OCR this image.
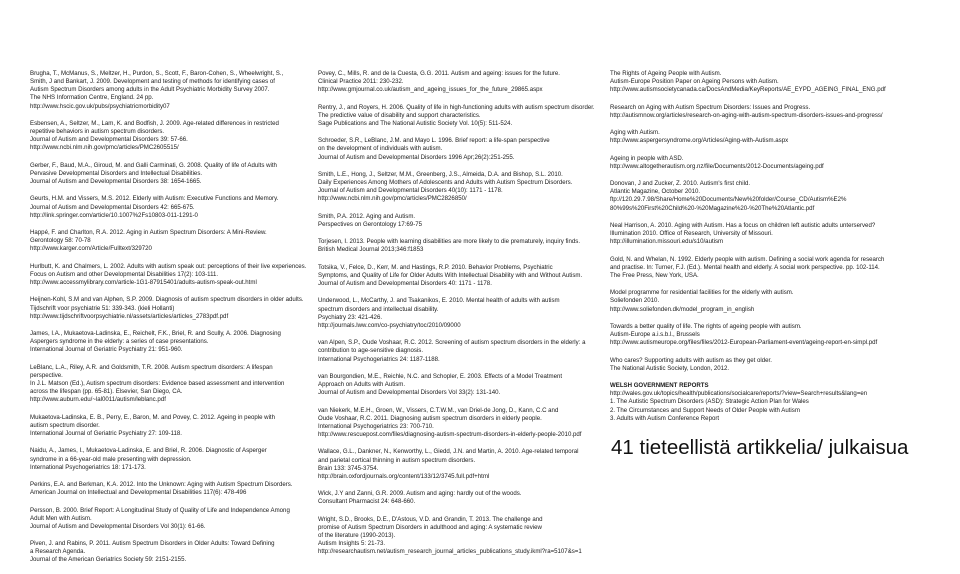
Brugha, T., McManus, S., Meltzer, H., Purdon, S., Scott, F., Baron-Cohen, S., Wheelwright, S.,
Smith, J and Bankart, J. 2009. Development and testing of methods for identifying cases of
Autism Spectrum Disorders among adults in the Adult Psychiatric Morbidity Survey 2007.
The NHS Information Centre, England. 24 pp.
http://www.hscic.gov.uk/pubs/psychiatricmorbidity07
Esbensen, A., Seltzer, M., Lam, K. and Bodfish, J. 2009. Age-related differences in restricted
repetitive behaviors in autism spectrum disorders.
Journal of Autism and Developmental Disorders 39: 57-66.
http://www.ncbi.nlm.nih.gov/pmc/articles/PMC2605515/
Gerber, F., Baud, M.A., Giroud, M. and Galli Carminati, G. 2008. Quality of life of Adults with
Pervasive Developmental Disorders and Intellectual Disabilities.
Journal of Autism and Developmental Disorders 38: 1654-1665.
Geurts, H.M. and Vissers, M.S. 2012. Elderly with Autism: Executive Functions and Memory.
Journal of Autism and Developmental Disorders 42: 665-675.
http://link.springer.com/article/10.1007%2Fs10803-011-1291-0
Happé, F. and Charlton, R.A. 2012. Aging in Autism Spectrum Disorders: A Mini-Review.
Gerontology 58: 70-78
http://www.karger.com/Article/Fulltext/329720
Hurlbutt, K. and Chalmers, L. 2002. Adults with autism speak out: perceptions of their live experiences.
Focus on Autism and other Developmental Disabilities 17(2): 103-111.
http://www.accessmylibrary.com/article-1G1-87915401/adults-autism-speak-out.html
Heijnen-Kohl, S.M and van Alphen, S.P. 2009. Diagnosis of autism spectrum disorders in older adults.
Tijdschrift voor psychiatrie 51: 339-343. (kieli Hollanti)
http://www.tijdschriftvoorpsychiatrie.nl/assets/articles/articles_2783pdf.pdf
James, I.A., Mukaetova-Ladinska, E., Reichelt, F.K., Briel, R. and Scully, A. 2006. Diagnosing
Aspergers syndrome in the elderly: a series of case presentations.
International Journal of Geriatric Psychiatry 21: 951-960.
LeBlanc, L.A., Riley, A.R. and Goldsmith, T.R. 2008. Autism spectrum disorders: A lifespan
perspective.
In J.L. Matson (Ed.), Autism spectrum disorders: Evidence based assessment and intervention
across the lifespan (pp. 65-81). Elsevier, San Diego, CA.
http://www.auburn.edu/~lal0011/autism/leblanc.pdf
Mukaetova-Ladinska, E. B., Perry, E., Baron, M. and Povey, C. 2012. Ageing in people with
autism spectrum disorder.
International Journal of Geriatric Psychiatry 27: 109-118.
Naidu, A., James, I., Mukaetova-Ladinska, E. and Briel, R. 2006. Diagnostic of Asperger
syndrome in a 66-year-old male presenting with depression.
International Psychogeriatrics 18: 171-173.
Perkins, E.A. and Berkman, K.A. 2012. Into the Unknown: Aging with Autism Spectrum Disorders.
American Journal on Intellectual and Developmental Disabilities 117(6): 478-496
Persson, B. 2000. Brief Report: A Longitudinal Study of Quality of Life and Independence Among
Adult Men with Autism.
Journal of Autism and Developmental Disorders Vol 30(1): 61-66.
Piven, J. and Rabins, P. 2011. Autism Spectrum Disorders in Older Adults: Toward Defining
a Research Agenda.
Journal of the American Geriatrics Society 59: 2151-2155.
Povey, C., Mills, R. and de la Cuesta, G.G. 2011. Autism and ageing: issues for the future.
Clinical Practice 2011: 230-232.
http://www.gmjournal.co.uk/autism_and_ageing_issues_for_the_future_29865.aspx
Rentry, J., and Royers, H. 2006. Quality of life in high-functioning adults with autism spectrum disorder.
The predictive value of disability and support characteristics.
Sage Publications and The National Autistic Society Vol. 10(5): 511-524.
Schroeder, S.R., LeBlanc, J.M. and Mayo L. 1996. Brief report: a life-span perspective
on the development of individuals with autism.
Journal of Autism and Developmental Disorders 1996 Apr;26(2):251-255.
Smith, L.E., Hong, J., Seltzer, M.M., Greenberg, J.S., Almeida, D.A. and Bishop, S.L. 2010.
Daily Experiences Among Mothers of Adolescents and Adults with Autism Spectrum Disorders.
Journal of Autism and Developmental Disorders 40(10): 1171 - 1178.
http://www.ncbi.nlm.nih.gov/pmc/articles/PMC2826850/
Smith, P.A. 2012. Aging and Autism.
Perspectives on Gerontology 17:69-75
Torjesen, I. 2013. People with learning disabilities are more likely to die prematurely, inquiry finds.
British Medical Journal 2013;346:f1853
Totsika, V., Felce, D., Kerr, M. and Hastings, R.P. 2010. Behavior Problems, Psychiatric
Symptoms, and Quality of Life for Older Adults With Intellectual Disability with and Without Autism.
Journal of Autism and Developmental Disorders 40: 1171 - 1178.
Underwood, L., McCarthy, J. and Tsakanikos, E. 2010. Mental health of adults with autism
spectrum disorders and intellectual disability.
Psychiatry 23: 421-426.
http://journals.lww.com/co-psychiatry/toc/2010/09000
van Alpen, S.P., Oude Voshaar, R.C. 2012. Screening of autism spectrum disorders in the elderly: a
contribution to age-sensitive diagnosis.
International Psychogeriatrics 24: 1187-1188.
van Bourgondien, M.E., Reichle, N.C. and Schopler, E. 2003. Effects of a Model Treatment
Approach on Adults with Autism.
Journal of Autism and Developmental Disorders Vol 33(2): 131-140.
van Niekerk, M.E.H., Groen, W., Vissers, C.T.W.M., van Driel-de Jong, D., Kann, C.C and
Oude Voshaar, R.C. 2011. Diagnosing autism spectrum disorders in elderly people.
International Psychogeriatrics 23: 700-710.
http://www.rescuepost.com/files/diagnosing-autism-spectrum-disorders-in-elderly-people-2010.pdf
Wallace, G.L., Dankner, N., Kenworthy, L., Giedd, J.N. and Martin, A. 2010. Age-related temporal
and parietal cortical thinning in autism spectrum disorders.
Brain 133: 3745-3754.
http://brain.oxfordjournals.org/content/133/12/3745.full.pdf+html
Wick, J.Y and Zanni, G.R. 2009. Autism and aging: hardly out of the woods.
Consultant Pharmacist 24: 648-660.
Wright, S.D., Brooks, D.E., D'Astous, V.D. and Grandin, T. 2013. The challenge and
promise of Autism Spectrum Disorders in adulthood and aging: A systematic review
of the literature (1990-2013).
Autism Insights 5: 21-73.
http://researchautism.net/autism_research_journal_articles_publications_study.ikml?ra=5107&s=1
The Rights of Ageing People with Autism.
Autism-Europe Position Paper on Ageing Persons with Autism.
http://www.autismsocietycanada.ca/DocsAndMedia/KeyReports/AE_EYPD_AGEING_FINAL_ENG.pdf
Research on Aging with Autism Spectrum Disorders: Issues and Progress.
http://autismnow.org/articles/research-on-aging-with-autism-spectrum-disorders-issues-and-progress/
Aging with Autism.
http://www.aspergersyndrome.org/Articles/Aging-with-Autism.aspx
Ageing in people with ASD.
http://www.altogetherautism.org.nz/file/Documents/2012-Documents/ageing.pdf
Donovan, J and Zucker, Z. 2010. Autism's first child.
Atlantic Magazine, October 2010.
ftp://120.29.7.98/Share/Home%20Documents/New%20folder/Course_CD/Autism%E2%
80%99s%20First%20Child%20-%20Magazine%20-%20The%20Atlantic.pdf
Neal Harrison, A. 2010. Aging with Autism. Has a focus on children left autistic adults unterserved?
Illumination 2010. Office of Research, University of Missouri.
http://illumination.missouri.edu/s10/autism
Gold, N. and Whelan, N. 1992. Elderly people with autism. Defining a social work agenda for research
and practise. In: Turner, F.J. (Ed.). Mental health and elderly. A social work perspective. pp. 102-114.
The Free Press, New York, USA.
Model programme for residential facilities for the elderly with autism.
Soliefonden 2010.
http://www.soliefonden.dk/model_program_in_english
Towards a better quality of life. The rights of ageing people with autism.
Autism-Europe a.i.s.b.l., Brussels
http://www.autismeurope.org/files/files/2012-European-Parliament-event/ageing-report-en-simpl.pdf
Who cares? Supporting adults with autism as they get older.
The National Autistic Society, London, 2012.
WELSH GOVERNMENT REPORTS
http://wales.gov.uk/topics/health/publications/socialcare/reports/?view=Search+results&lang=en
1. The Autistic Spectrum Disorders (ASD): Strategic Action Plan for Wales
2. The Circumstances and Support Needs of Older People with Autism
3. Adults with Autism Conference Report
41 tieteellistä artikkelia/ julkaisua
